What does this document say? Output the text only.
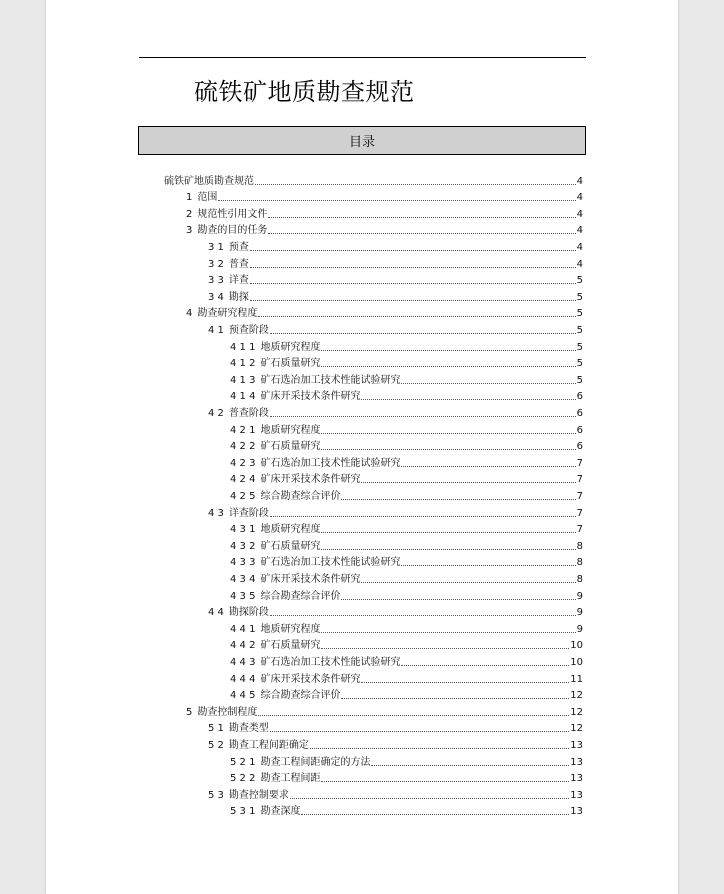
硫铁矿地质勘查规范
目录
硫铁矿地质勘查规范	4
1 范围	4
2 规范性引用文件	4
3 勘查的目的任务	4
3 1 预查	4
3 2 普查	4
3 3 详查	5
3 4 勘探	5
4 勘查研究程度	5
4 1 预查阶段	5
4 1 1 地质研究程度	5
4 1 2 矿石质量研究	5
4 1 3 矿石选冶加工技术性能试验研究	5
4 1 4 矿床开采技术条件研究	6
4 2 普查阶段	6
4 2 1 地质研究程度	6
4 2 2 矿石质量研究	6
4 2 3 矿石选冶加工技术性能试验研究	7
4 2 4 矿床开采技术条件研究	7
4 2 5 综合勘查综合评价	7
4 3 详查阶段	7
4 3 1 地质研究程度	7
4 3 2 矿石质量研究	8
4 3 3 矿石选冶加工技术性能试验研究	8
4 3 4 矿床开采技术条件研究	8
4 3 5 综合勘查综合评价	9
4 4 勘探阶段	9
4 4 1 地质研究程度	9
4 4 2 矿石质量研究	10
4 4 3 矿石选冶加工技术性能试验研究	10
4 4 4 矿床开采技术条件研究	11
4 4 5 综合勘查综合评价	12
5 勘查控制程度	12
5 1 勘查类型	12
5 2 勘查工程间距确定	13
5 2 1 勘查工程间距确定的方法	13
5 2 2 勘查工程间距	13
5 3 勘查控制要求	13
5 3 1 勘查深度	13
